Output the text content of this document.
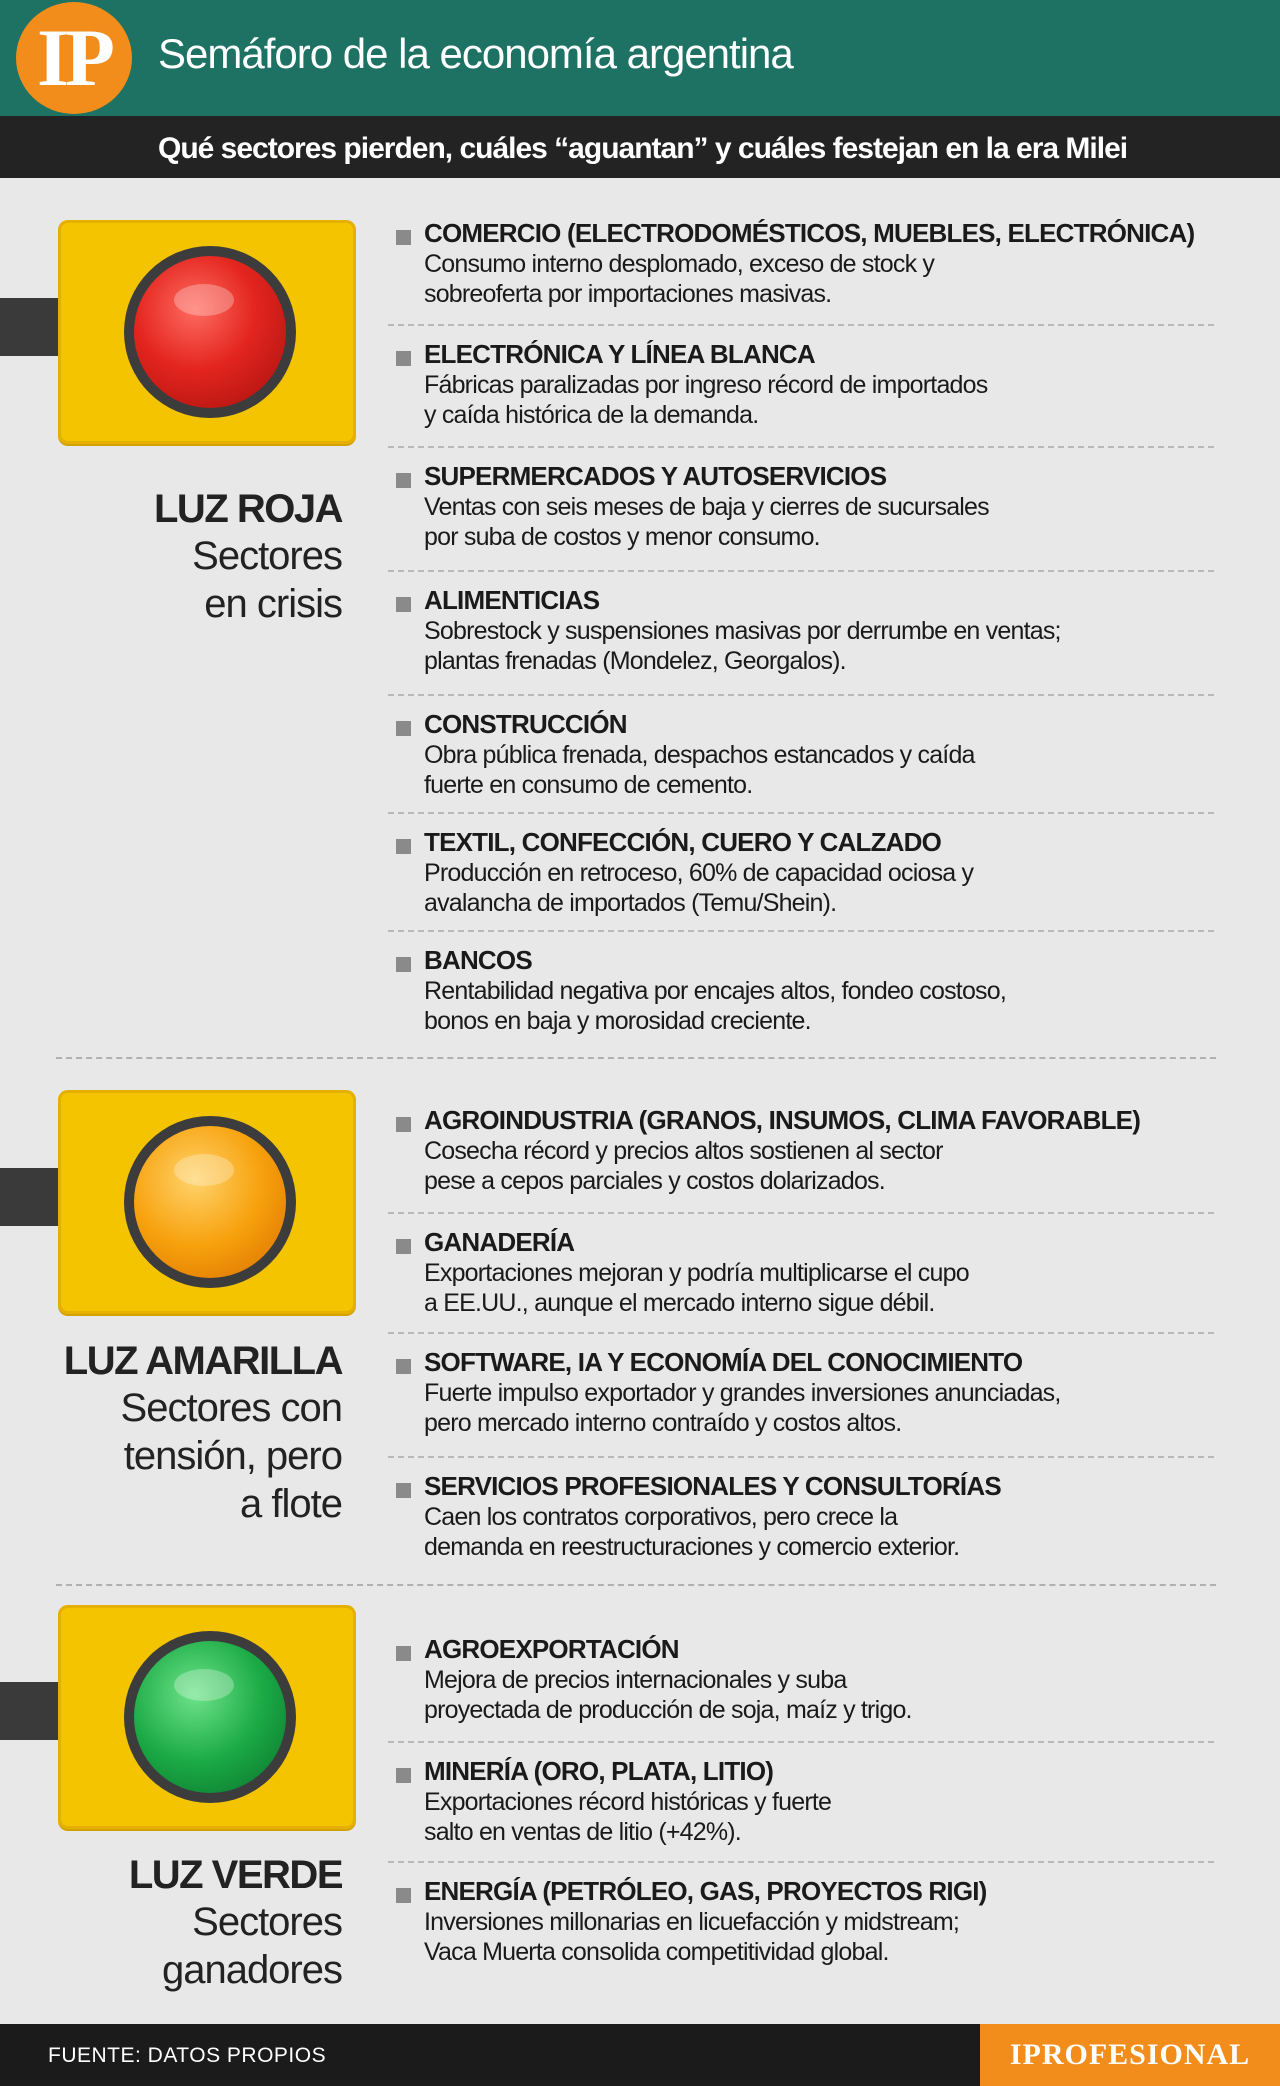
IP Semáforo de la economía argentina
Qué sectores pierden, cuáles “aguantan” y cuáles festejan en la era Milei
LUZ ROJA
Sectores
en crisis
COMERCIO (ELECTRODOMÉSTICOS, MUEBLES, ELECTRÓNICA)
Consumo interno desplomado, exceso de stock y
sobreoferta por importaciones masivas.
ELECTRÓNICA Y LÍNEA BLANCA
Fábricas paralizadas por ingreso récord de importados
y caída histórica de la demanda.
SUPERMERCADOS Y AUTOSERVICIOS
Ventas con seis meses de baja y cierres de sucursales
por suba de costos y menor consumo.
ALIMENTICIAS
Sobrestock y suspensiones masivas por derrumbe en ventas;
plantas frenadas (Mondelez, Georgalos).
CONSTRUCCIÓN
Obra pública frenada, despachos estancados y caída
fuerte en consumo de cemento.
TEXTIL, CONFECCIÓN, CUERO Y CALZADO
Producción en retroceso, 60% de capacidad ociosa y
avalancha de importados (Temu/Shein).
BANCOS
Rentabilidad negativa por encajes altos, fondeo costoso,
bonos en baja y morosidad creciente.
LUZ AMARILLA
Sectores con
tensión, pero
a flote
AGROINDUSTRIA (GRANOS, INSUMOS, CLIMA FAVORABLE)
Cosecha récord y precios altos sostienen al sector
pese a cepos parciales y costos dolarizados.
GANADERÍA
Exportaciones mejoran y podría multiplicarse el cupo
a EE.UU., aunque el mercado interno sigue débil.
SOFTWARE, IA Y ECONOMÍA DEL CONOCIMIENTO
Fuerte impulso exportador y grandes inversiones anunciadas,
pero mercado interno contraído y costos altos.
SERVICIOS PROFESIONALES Y CONSULTORÍAS
Caen los contratos corporativos, pero crece la
demanda en reestructuraciones y comercio exterior.
LUZ VERDE
Sectores
ganadores
AGROEXPORTACIÓN
Mejora de precios internacionales y suba
proyectada de producción de soja, maíz y trigo.
MINERÍA (ORO, PLATA, LITIO)
Exportaciones récord históricas y fuerte
salto en ventas de litio (+42%).
ENERGÍA (PETRÓLEO, GAS, PROYECTOS RIGI)
Inversiones millonarias en licuefacción y midstream;
Vaca Muerta consolida competitividad global.
FUENTE: DATOS PROPIOS	IPROFESIONAL
